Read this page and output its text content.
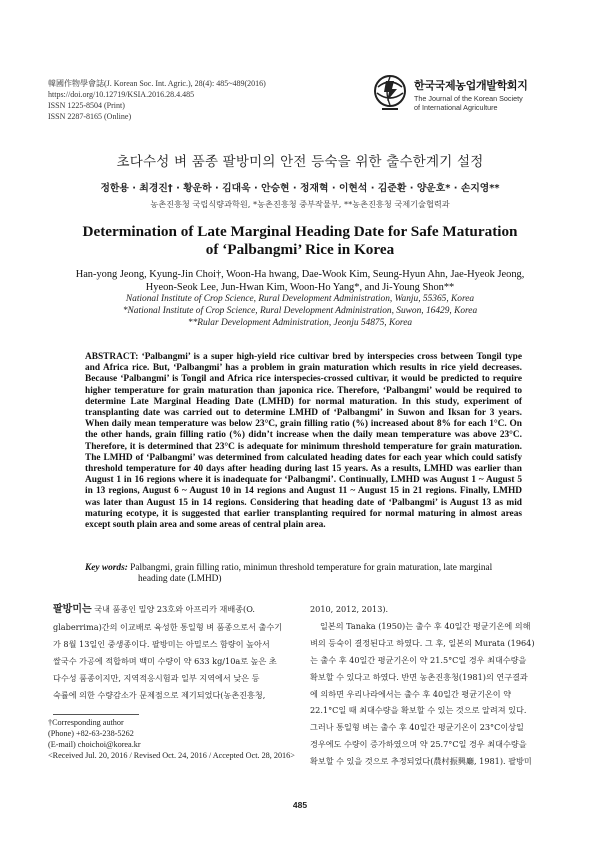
韓國作物學會誌(J. Korean Soc. Int. Agric.), 28(4): 485~489(2016)
https://doi.org/10.12719/KSIA.2016.28.4.485
ISSN 1225-8504 (Print)
ISSN 2287-8165 (Online)
한국국제농업개발학회지
The Journal of the Korean Society
of International Agriculture
초다수성 벼 품종 팔방미의 안전 등숙을 위한 출수한계기 설정
정한용 · 최경진† · 황운하 · 김대욱 · 안승현 · 정재혁 · 이현석 · 김준환 · 양운호* · 손지영**
농촌진흥청 국립식량과학원, *농촌진흥청 중부작물부, **농촌진흥청 국제기술협력과
Determination of Late Marginal Heading Date for Safe Maturation
of ‘Palbangmi’ Rice in Korea
Han-yong Jeong, Kyung-Jin Choi†, Woon-Ha hwang, Dae-Wook Kim, Seung-Hyun Ahn, Jae-Hyeok Jeong,
Hyeon-Seok Lee, Jun-Hwan Kim, Woon-Ho Yang*, and Ji-Young Shon**
National Institute of Crop Science, Rural Development Administration, Wanju, 55365, Korea
*National Institute of Crop Science, Rural Development Administration, Suwon, 16429, Korea
**Rular Development Administration, Jeonju 54875, Korea
ABSTRACT: ‘Palbangmi’ is a super high-yield rice cultivar bred by interspecies cross between Tongil type and Africa rice. But, ‘Palbangmi’ has a problem in grain maturation which results in rice yield decreases. Because ‘Palbangmi’ is Tongil and Africa rice interspecies-crossed cultivar, it would be predicted to require higher temperature for grain maturation than japonica rice. Therefore, ‘Palbangmi’ would be required to determine Late Marginal Heading Date (LMHD) for normal maturation. In this study, experiment of transplanting date was carried out to determine LMHD of ‘Palbangmi’ in Suwon and Iksan for 3 years. When daily mean temperature was below 23°C, grain filling ratio (%) increased about 8% for each 1°C. On the other hands, grain filling ratio (%) didn’t increase when the daily mean temperature was above 23°C. Therefore, it is determined that 23°C is adequate for minimum threshold temperature for grain maturation. The LMHD of ‘Palbangmi’ was determined from calculated heading dates for each year which could satisfy threshold temperature for 40 days after heading during last 15 years. As a results, LMHD was earlier than August 1 in 16 regions where it is inadequate for ‘Palbangmi’. Continually, LMHD was August 1 ~ August 5 in 13 regions, August 6 ~ August 10 in 14 regions and August 11 ~ August 15 in 21 regions. Finally, LMHD was later than August 15 in 14 regions. Considering that heading date of ‘Palbangmi’ is August 13 as mid maturing ecotype, it is suggested that earlier transplanting required for normal maturing in almost areas except south plain area and some areas of central plain area.
Key words: Palbangmi, grain filling ratio, minimun threshold temperature for grain maturation, late marginal
heading date (LMHD)
팔방미는 국내 품종인 밀양 23호와 아프리카 재배종(O.
glaberrima)간의 이교배로 육성한 통일형 벼 품종으로서 출수기
가 8월 13일인 중생종이다. 팔방미는 아밀로스 함량이 높아서
쌀국수 가공에 적합하며 백미 수량이 약 633 kg/10a로 높은 초
다수성 품종이지만, 지역적응시험과 일부 지역에서 낮은 등
숙률에 의한 수량감소가 문제점으로 제기되었다(농촌진흥청,
2010, 2012, 2013).
일본의 Tanaka (1950)는 출수 후 40일간 평균기온에 의해
벼의 등숙이 결정된다고 하였다. 그 후, 일본의 Murata (1964)
는 출수 후 40일간 평균기온이 약 21.5°C일 경우 최대수량을
확보할 수 있다고 하였다. 반면 농촌진흥청(1981)의 연구결과
에 의하면 우리나라에서는 출수 후 40일간 평균기온이 약
22.1°C일 때 최대수량을 확보할 수 있는 것으로 알려져 있다.
그러나 통일형 벼는 출수 후 40일간 평균기온이 23°C이상일
경우에도 수량이 증가하였으며 약 25.7°C일 경우 최대수량을
확보할 수 있을 것으로 추정되었다(農村振興廳, 1981). 팔방미
†Corresponding author
(Phone) +82-63-238-5262
(E-mail) choichoi@korea.kr
<Received Jul. 20, 2016 / Revised Oct. 24, 2016 / Accepted Oct. 28, 2016>
485
